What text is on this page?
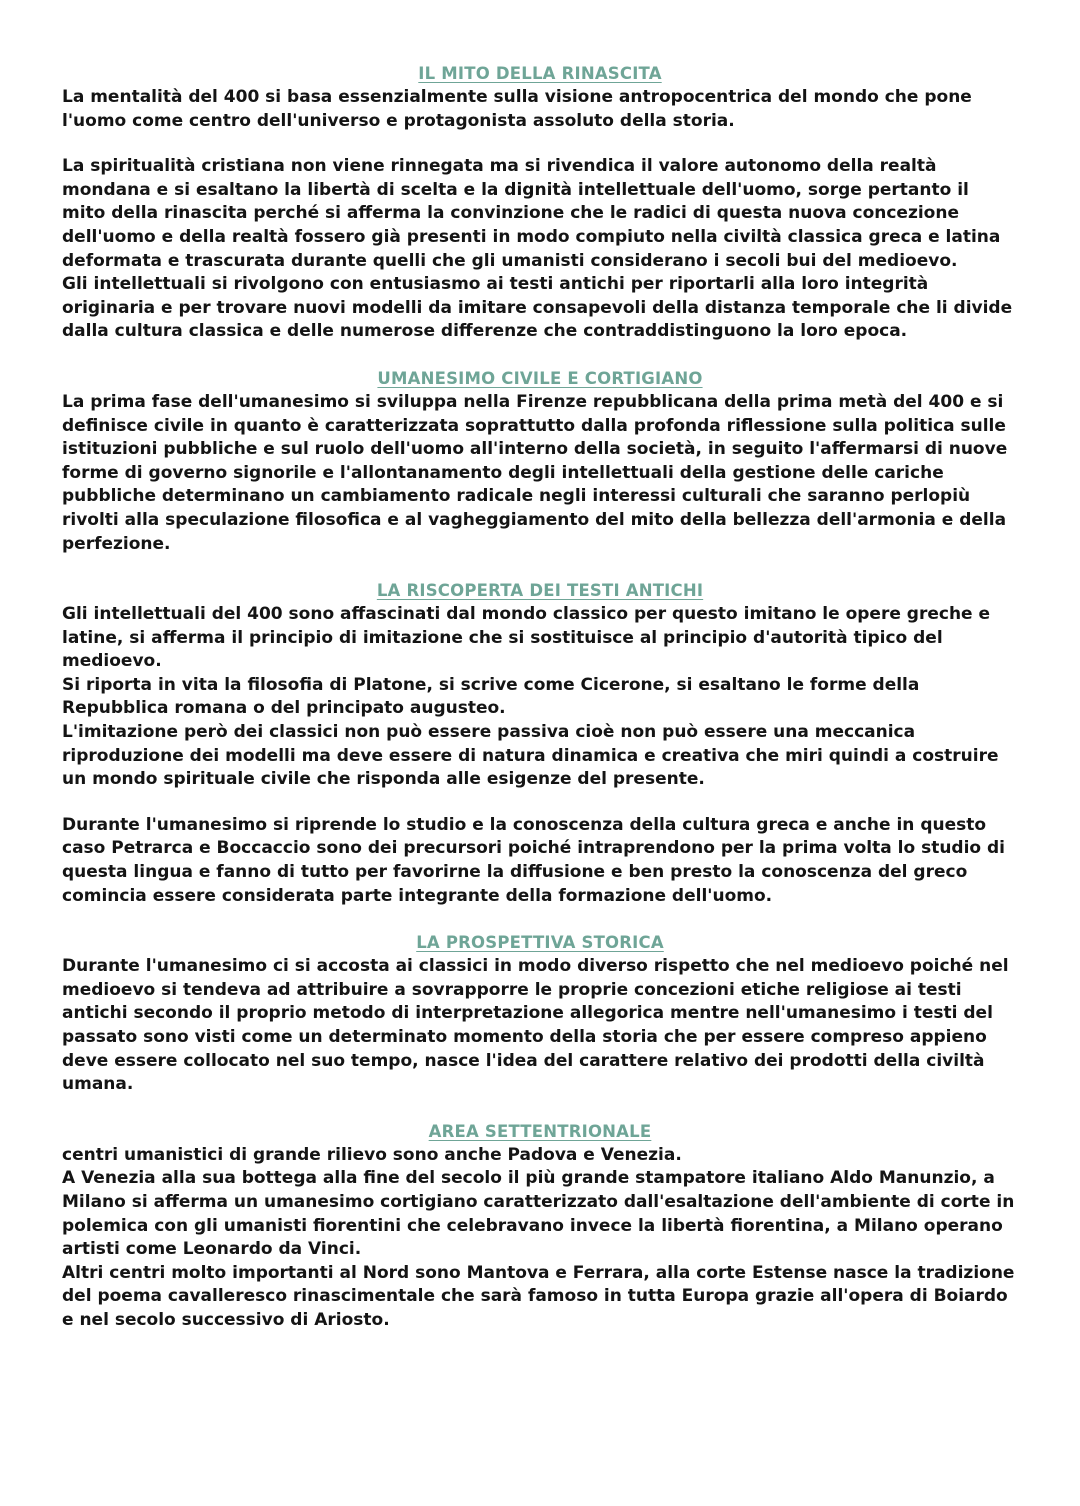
IL MITO DELLA RINASCITA

La mentalità del 400 si basa essenzialmente sulla visione antropocentrica del mondo che pone l'uomo come centro dell'universo e protagonista assoluto della storia.

La spiritualità cristiana non viene rinnegata ma si rivendica il valore autonomo della realtà mondana e si esaltano la libertà di scelta e la dignità intellettuale dell'uomo, sorge pertanto il mito della rinascita perché si afferma la convinzione che le radici di questa nuova concezione dell'uomo e della realtà fossero già presenti in modo compiuto nella civiltà classica greca e latina deformata e trascurata durante quelli che gli umanisti considerano i secoli bui del medioevo.

Gli intellettuali si rivolgono con entusiasmo ai testi antichi per riportarli alla loro integrità originaria e per trovare nuovi modelli da imitare consapevoli della distanza temporale che li divide dalla cultura classica e delle numerose differenze che contraddistinguono la loro epoca.

UMANESIMO CIVILE E CORTIGIANO

La prima fase dell'umanesimo si sviluppa nella Firenze repubblicana della prima metà del 400 e si definisce civile in quanto è caratterizzata soprattutto dalla profonda riflessione sulla politica sulle istituzioni pubbliche e sul ruolo dell'uomo all'interno della società, in seguito l'affermarsi di nuove forme di governo signorile e l'allontanamento degli intellettuali della gestione delle cariche pubbliche determinano un cambiamento radicale negli interessi culturali che saranno perlopiù rivolti alla speculazione filosofica e al vagheggiamento del mito della bellezza dell'armonia e della perfezione.

LA RISCOPERTA DEI TESTI ANTICHI

Gli intellettuali del 400 sono affascinati dal mondo classico per questo imitano le opere greche e latine, si afferma il principio di imitazione che si sostituisce al principio d'autorità tipico del medioevo.

Si riporta in vita la filosofia di Platone, si scrive come Cicerone, si esaltano le forme della Repubblica romana o del principato augusteo.

L'imitazione però dei classici non può essere passiva cioè non può essere una meccanica riproduzione dei modelli ma deve essere di natura dinamica e creativa che miri quindi a costruire un mondo spirituale civile che risponda alle esigenze del presente.

Durante l'umanesimo si riprende lo studio e la conoscenza della cultura greca e anche in questo caso Petrarca e Boccaccio sono dei precursori poiché intraprendono per la prima volta lo studio di questa lingua e fanno di tutto per favorirne la diffusione e ben presto la conoscenza del greco comincia essere considerata parte integrante della formazione dell'uomo.

LA PROSPETTIVA STORICA

Durante l'umanesimo ci si accosta ai classici in modo diverso rispetto che nel medioevo poiché nel medioevo si tendeva ad attribuire a sovrapporre le proprie concezioni etiche religiose ai testi antichi secondo il proprio metodo di interpretazione allegorica mentre nell'umanesimo i testi del passato sono visti come un determinato momento della storia che per essere compreso appieno deve essere collocato nel suo tempo, nasce l'idea del carattere relativo dei prodotti della civiltà umana.

AREA SETTENTRIONALE

centri umanistici di grande rilievo sono anche Padova e Venezia.

A Venezia alla sua bottega alla fine del secolo il più grande stampatore italiano Aldo Manunzio, a Milano si afferma un umanesimo cortigiano caratterizzato dall'esaltazione dell'ambiente di corte in polemica con gli umanisti fiorentini che celebravano invece la libertà fiorentina, a Milano operano artisti come Leonardo da Vinci.

Altri centri molto importanti al Nord sono Mantova e Ferrara, alla corte Estense nasce la tradizione del poema cavalleresco rinascimentale che sarà famoso in tutta Europa grazie all'opera di Boiardo e nel secolo successivo di Ariosto.
